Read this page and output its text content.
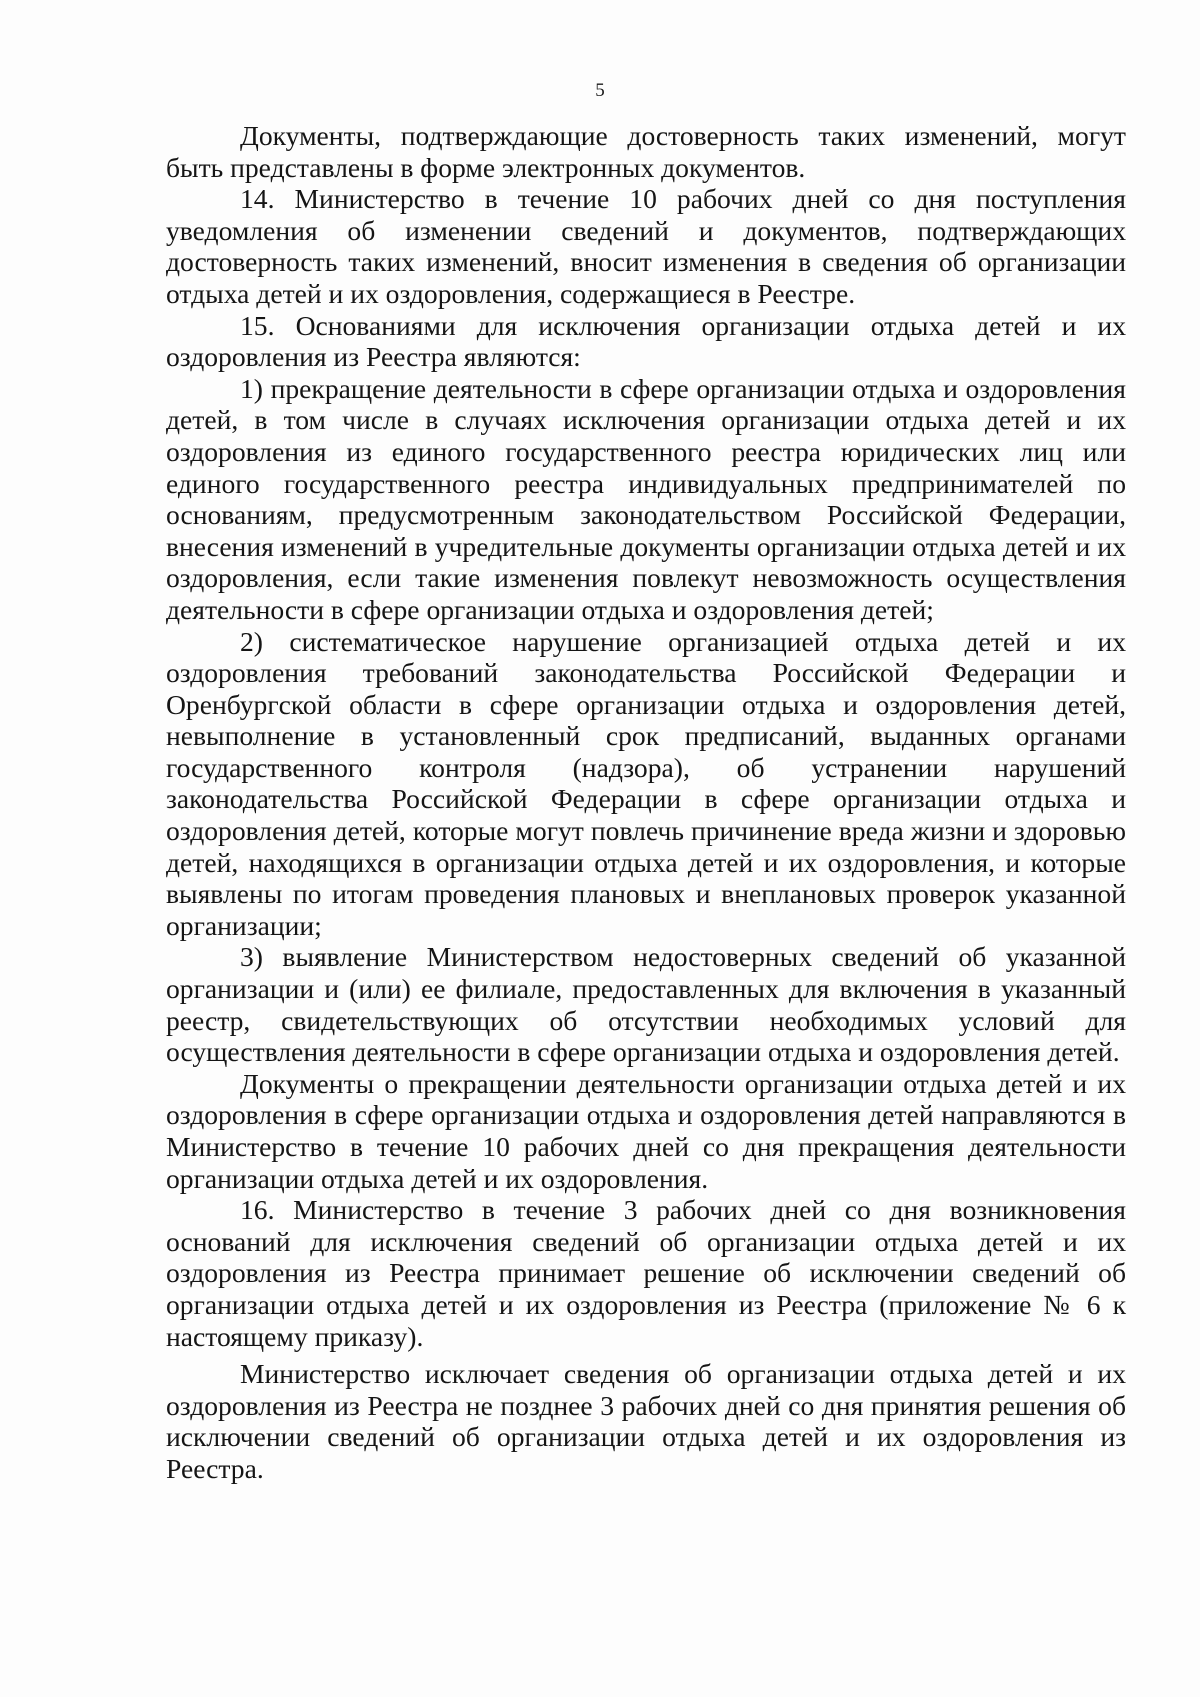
5

Документы, подтверждающие достоверность таких изменений, могут быть представлены в форме электронных документов.

14. Министерство в течение 10 рабочих дней со дня поступления уведомления об изменении сведений и документов, подтверждающих достоверность таких изменений, вносит изменения в сведения об организации отдыха детей и их оздоровления, содержащиеся в Реестре.

15. Основаниями для исключения организации отдыха детей и их оздоровления из Реестра являются:

1) прекращение деятельности в сфере организации отдыха и оздоровления детей, в том числе в случаях исключения организации отдыха детей и их оздоровления из единого государственного реестра юридических лиц или единого государственного реестра индивидуальных предпринимателей по основаниям, предусмотренным законодательством Российской Федерации, внесения изменений в учредительные документы организации отдыха детей и их оздоровления, если такие изменения повлекут невозможность осуществления деятельности в сфере организации отдыха и оздоровления детей;

2) систематическое нарушение организацией отдыха детей и их оздоровления требований законодательства Российской Федерации и Оренбургской области в сфере организации отдыха и оздоровления детей, невыполнение в установленный срок предписаний, выданных органами государственного контроля (надзора), об устранении нарушений законодательства Российской Федерации в сфере организации отдыха и оздоровления детей, которые могут повлечь причинение вреда жизни и здоровью детей, находящихся в организации отдыха детей и их оздоровления, и которые выявлены по итогам проведения плановых и внеплановых проверок указанной организации;

3) выявление Министерством недостоверных сведений об указанной организации и (или) ее филиале, предоставленных для включения в указанный реестр, свидетельствующих об отсутствии необходимых условий для осуществления деятельности в сфере организации отдыха и оздоровления детей.

Документы о прекращении деятельности организации отдыха детей и их оздоровления в сфере организации отдыха и оздоровления детей направляются в Министерство в течение 10 рабочих дней со дня прекращения деятельности организации отдыха детей и их оздоровления.

16. Министерство в течение 3 рабочих дней со дня возникновения оснований для исключения сведений об организации отдыха детей и их оздоровления из Реестра принимает решение об исключении сведений об организации отдыха детей и их оздоровления из Реестра (приложение № 6 к настоящему приказу).

Министерство исключает сведения об организации отдыха детей и их оздоровления из Реестра не позднее 3 рабочих дней со дня принятия решения об исключении сведений об организации отдыха детей и их оздоровления из Реестра.
